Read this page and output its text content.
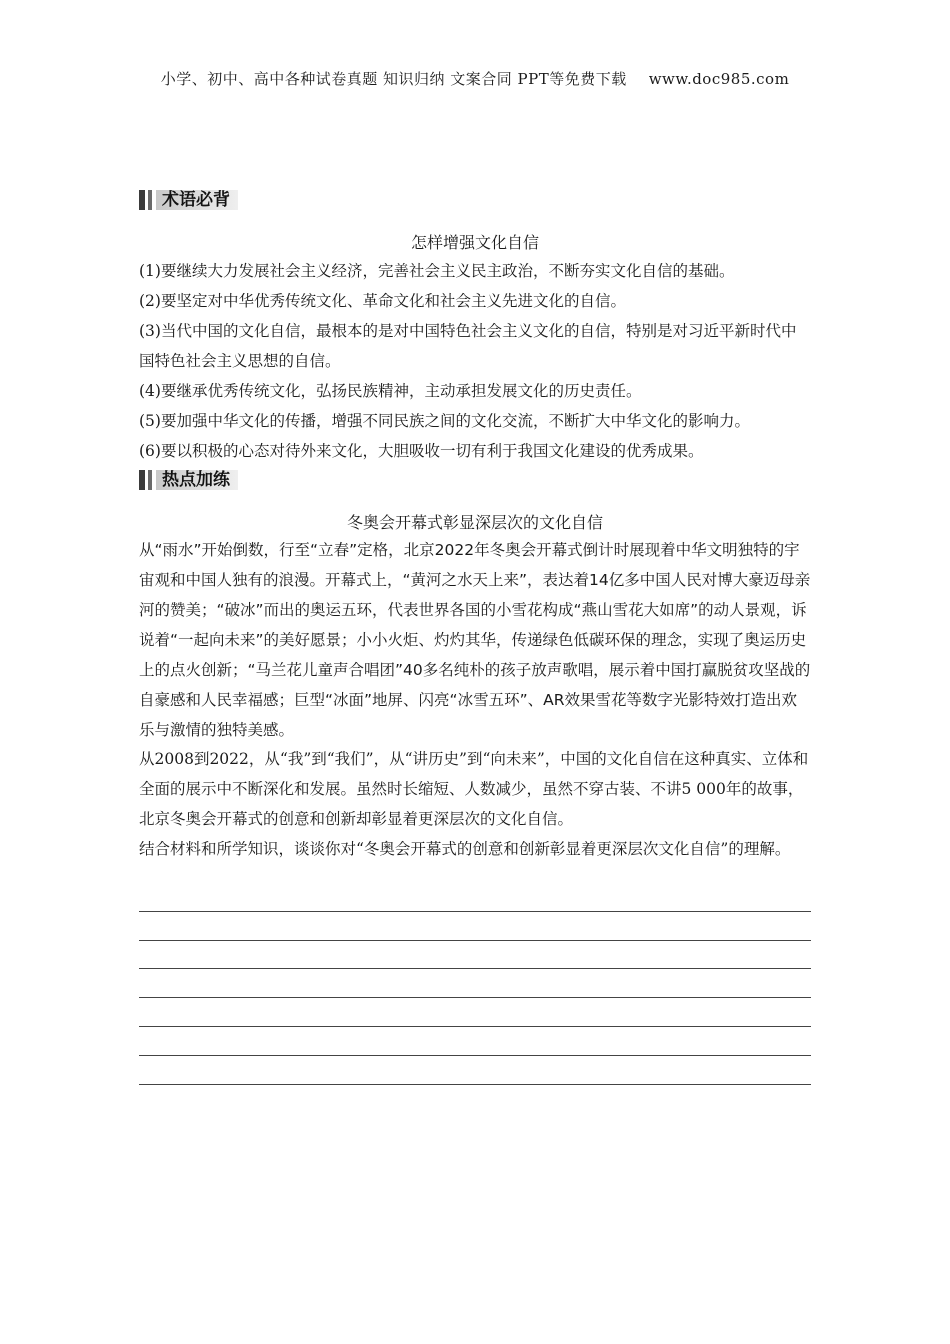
小学、初中、高中各种试卷真题 知识归纳 文案合同 PPT等免费下载 www.doc985.com
术语必背
怎样增强文化自信
(1)要继续大力发展社会主义经济，完善社会主义民主政治，不断夯实文化自信的基础。
(2)要坚定对中华优秀传统文化、革命文化和社会主义先进文化的自信。
(3)当代中国的文化自信，最根本的是对中国特色社会主义文化的自信，特别是对习近平新时代中国特色社会主义思想的自信。
(4)要继承优秀传统文化，弘扬民族精神，主动承担发展文化的历史责任。
(5)要加强中华文化的传播，增强不同民族之间的文化交流，不断扩大中华文化的影响力。
(6)要以积极的心态对待外来文化，大胆吸收一切有利于我国文化建设的优秀成果。
热点加练
冬奥会开幕式彰显深层次的文化自信
从“雨水”开始倒数，行至“立春”定格，北京2022年冬奥会开幕式倒计时展现着中华文明独特的宇宙观和中国人独有的浪漫。开幕式上，“黄河之水天上来”，表达着14亿多中国人民对博大豪迈母亲河的赞美；“破冰”而出的奥运五环，代表世界各国的小雪花构成“燕山雪花大如席”的动人景观，诉说着“一起向未来”的美好愿景；小小火炬、灼灼其华，传递绿色低碳环保的理念，实现了奥运历史上的点火创新；“马兰花儿童声合唱团”40多名纯朴的孩子放声歌唱，展示着中国打赢脱贫攻坚战的自豪感和人民幸福感；巨型“冰面”地屏、闪亮“冰雪五环”、AR效果雪花等数字光影特效打造出欢乐与激情的独特美感。
从2008到2022，从“我”到“我们”，从“讲历史”到“向未来”，中国的文化自信在这种真实、立体和全面的展示中不断深化和发展。虽然时长缩短、人数减少，虽然不穿古装、不讲5 000年的故事，北京冬奥会开幕式的创意和创新却彰显着更深层次的文化自信。
结合材料和所学知识，谈谈你对“冬奥会开幕式的创意和创新彰显着更深层次文化自信”的理解。
